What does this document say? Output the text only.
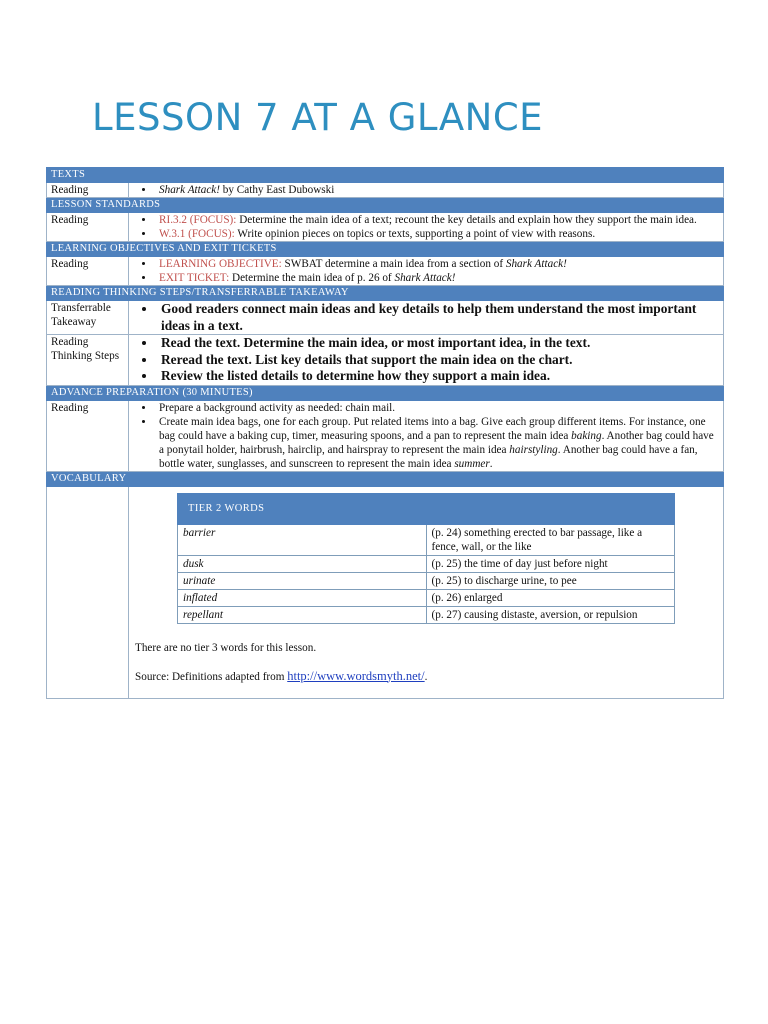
LESSON 7 AT A GLANCE
TEXTS
Reading	
•Shark Attack! by Cathy East Dubowski

LESSON STANDARDS
Reading	
•RI.3.2 (FOCUS): Determine the main idea of a text; recount the key details and explain how they support the main idea.
• W.3.1 (FOCUS): Write opinion pieces on topics or texts, supporting a point of view with reasons.

LEARNING OBJECTIVES AND EXIT TICKETS
Reading	
•LEARNING OBJECTIVE: SWBAT determine a main idea from a section of Shark Attack!
• EXIT TICKET: Determine the main idea of p. 26 of Shark Attack!

READING THINKING STEPS/TRANSFERRABLE TAKEAWAY
Transferrable Takeaway	
• Good readers connect main ideas and key details to help them understand the most important ideas in a text.

Reading Thinking Steps	
• Read the text. Determine the main idea, or most important idea, in the text.
• Reread the text. List key details that support the main idea on the chart.
• Review the listed details to determine how they support a main idea.

ADVANCE PREPARATION (30 MINUTES)
Reading	
•Prepare a background activity as needed: chain mail.
• Create main idea bags, one for each group. Put related items into a bag. Give each group different items. For instance, one bag could have a baking cup, timer, measuring spoons, and a pan to represent the main idea baking. Another bag could have a ponytail holder, hairbrush, hairclip, and hairspray to represent the main idea hairstyling. Another bag could have a fan, bottle water, sunglasses, and sunscreen to represent the main idea summer.

VOCABULARY

TIER 2 WORDS
barrier	(p. 24) something erected to bar passage, like a fence, wall, or the like
dusk	(p. 25) the time of day just before night
urinate	(p. 25) to discharge urine, to pee
inflated	(p. 26) enlarged
repellant	(p. 27) causing distaste, aversion, or repulsion

There are no tier 3 words for this lesson.

Source: Definitions adapted from http://www.wordsmyth.net/.
